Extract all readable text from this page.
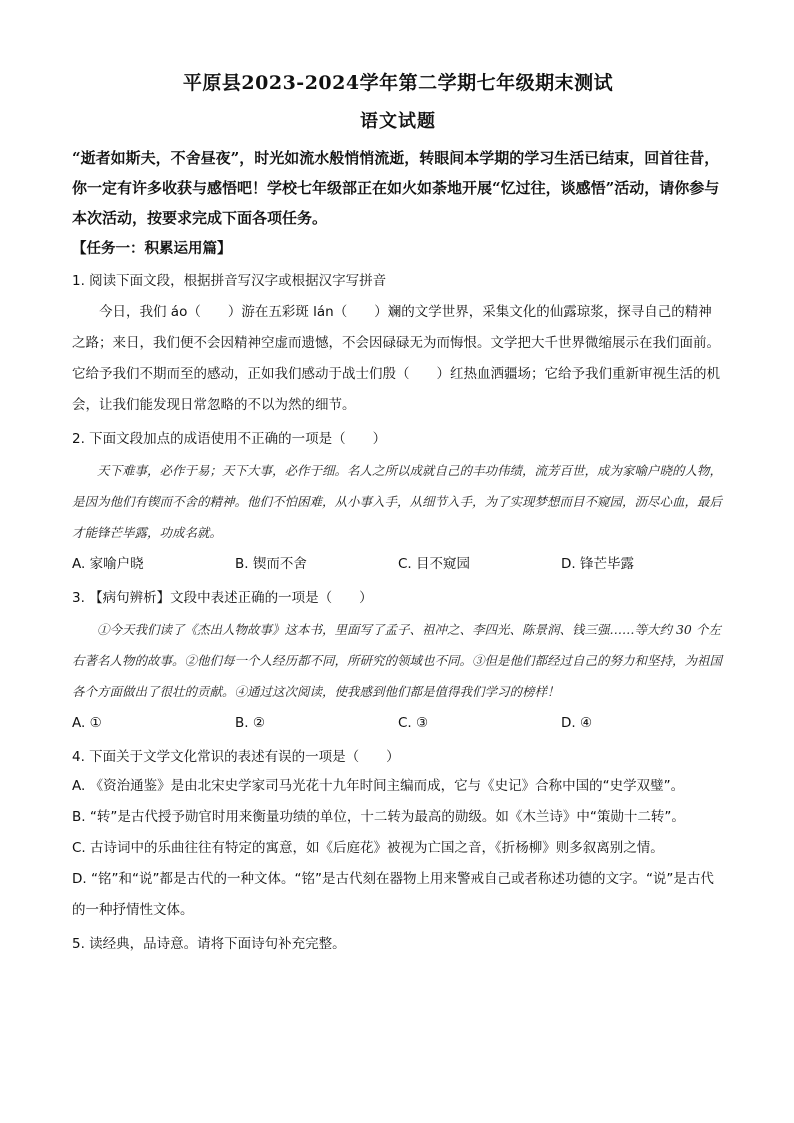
平原县2023-2024学年第二学期七年级期末测试
语文试题

“逝者如斯夫，不舍昼夜”，时光如流水般悄悄流逝，转眼间本学期的学习生活已结束，回首往昔，你一定有许多收获与感悟吧！学校七年级部正在如火如荼地开展“忆过往，谈感悟”活动，请你参与本次活动，按要求完成下面各项任务。

【任务一：积累运用篇】

1. 阅读下面文段，根据拼音写汉字或根据汉字写拼音

今日，我们 áo（　　）游在五彩斑 lán（　　）斓的文学世界，采集文化的仙露琼浆，探寻自己的精神之路；来日，我们便不会因精神空虚而遗憾，不会因碌碌无为而悔恨。文学把大千世界微缩展示在我们面前。它给予我们不期而至的感动，正如我们感动于战士们殷（　　）红热血洒疆场；它给予我们重新审视生活的机会，让我们能发现日常忽略的不以为然的细节。

2. 下面文段加点的成语使用不正确的一项是（　　）

天下难事，必作于易；天下大事，必作于细。名人之所以成就自己的丰功伟绩，流芳百世，成为家喻户晓的人物，是因为他们有锲而不舍的精神。他们不怕困难，从小事入手，从细节入手，为了实现梦想而目不窥园，沥尽心血，最后才能锋芒毕露，功成名就。

A. 家喻户晓	B. 锲而不舍	C. 目不窥园	D. 锋芒毕露

3. 【病句辨析】文段中表述正确的一项是（　　）

①今天我们读了《杰出人物故事》这本书，里面写了孟子、祖冲之、李四光、陈景润、钱三强……等大约 30 个左右著名人物的故事。②他们每一个人经历都不同，所研究的领域也不同。③但是他们都经过自己的努力和坚持，为祖国各个方面做出了很壮的贡献。④通过这次阅读，使我感到他们都是值得我们学习的榜样！

A. ①	B. ②	C. ③	D. ④

4. 下面关于文学文化常识的表述有误的一项是（　　）

A. 《资治通鉴》是由北宋史学家司马光花十九年时间主编而成，它与《史记》合称中国的“史学双璧”。

B. “转”是古代授予勋官时用来衡量功绩的单位，十二转为最高的勋级。如《木兰诗》中“策勋十二转”。

C. 古诗词中的乐曲往往有特定的寓意，如《后庭花》被视为亡国之音，《折杨柳》则多叙离别之情。

D. “铭”和“说”都是古代的一种文体。“铭”是古代刻在器物上用来警戒自己或者称述功德的文字。“说”是古代的一种抒情性文体。

5. 读经典，品诗意。请将下面诗句补充完整。
